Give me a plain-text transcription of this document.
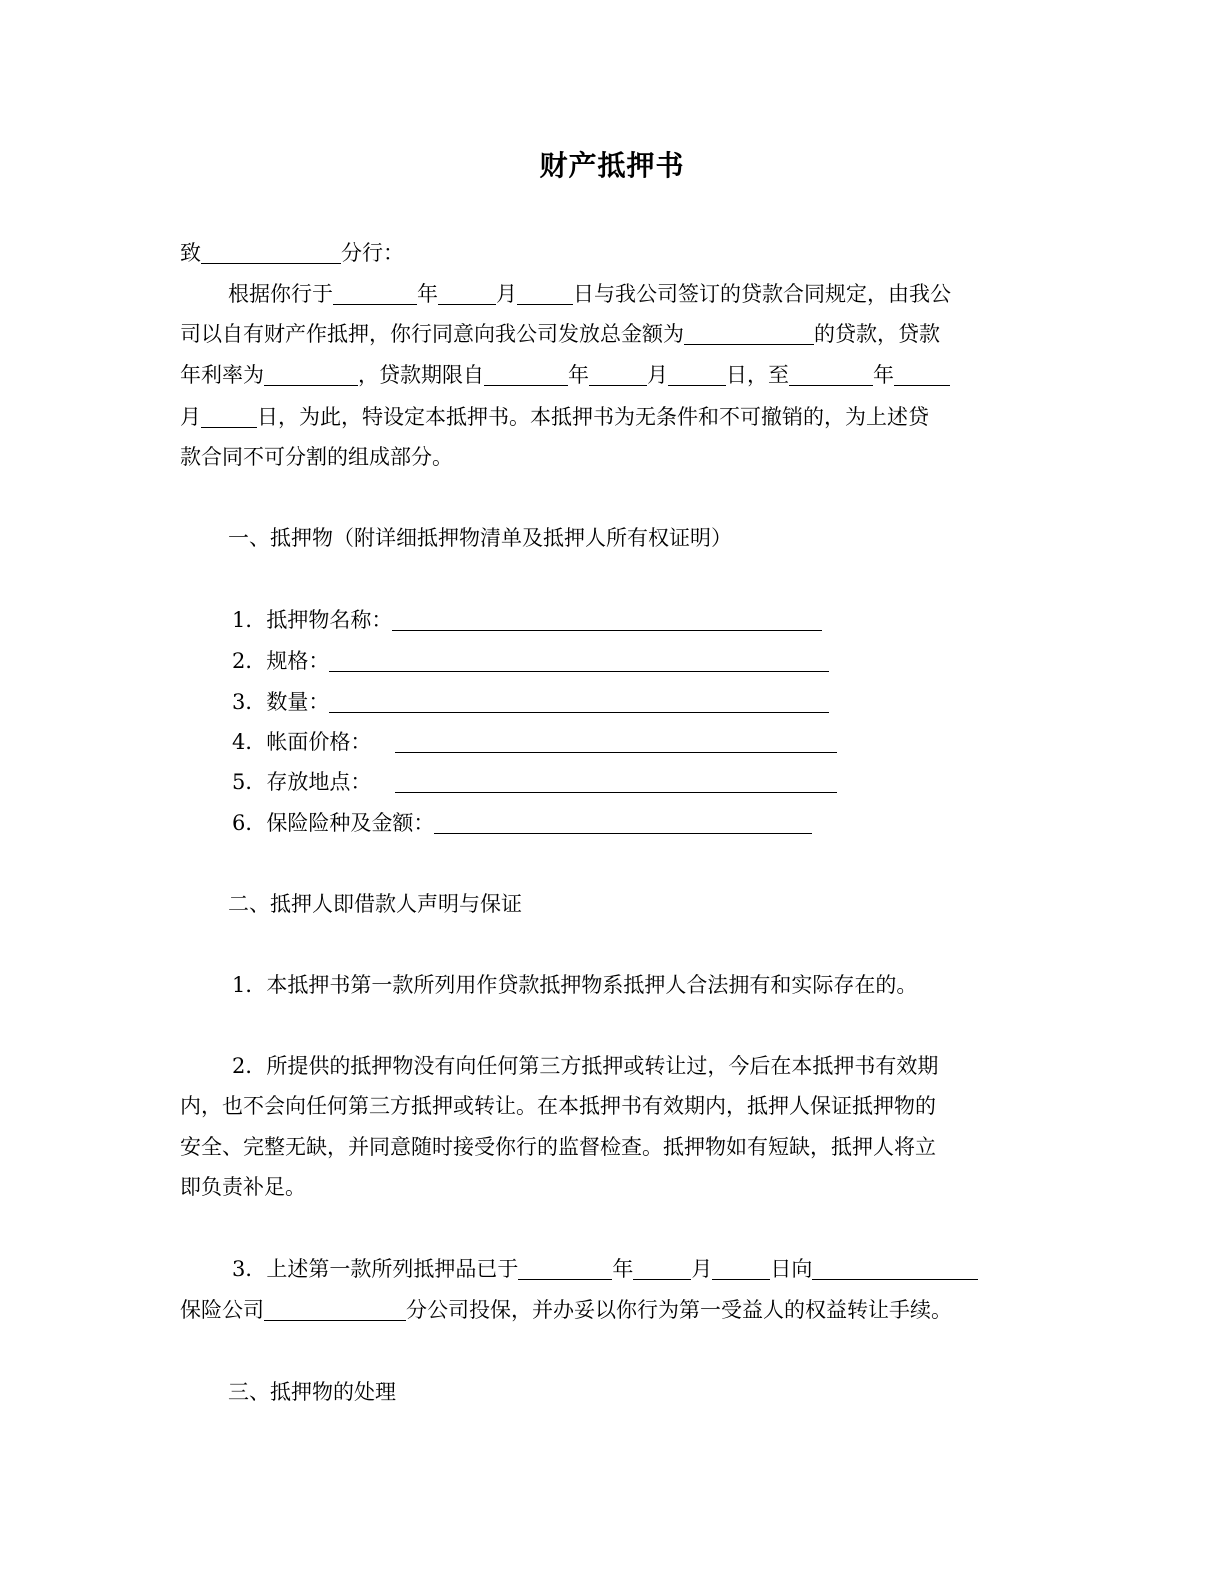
财产抵押书
致	分行：
根据你行于	年	月	日与我公司签订的贷款合同规定，由我公
司以自有财产作抵押，你行同意向我公司发放总金额为	的贷款，贷款
年利率为	，贷款期限自	年	月	日，至	年
月	日，为此，特设定本抵押书。本抵押书为无条件和不可撤销的，为上述贷
款合同不可分割的组成部分。
一、抵押物（附详细抵押物清单及抵押人所有权证明）
1．抵押物名称：
2．规格：
3．数量：
4．帐面价格：
5．存放地点：
6．保险险种及金额：
二、抵押人即借款人声明与保证
1．本抵押书第一款所列用作贷款抵押物系抵押人合法拥有和实际存在的。
2．所提供的抵押物没有向任何第三方抵押或转让过，今后在本抵押书有效期
内，也不会向任何第三方抵押或转让。在本抵押书有效期内，抵押人保证抵押物的
安全、完整无缺，并同意随时接受你行的监督检查。抵押物如有短缺，抵押人将立
即负责补足。
3．上述第一款所列抵押品已于	年	月	日向
保险公司	分公司投保，并办妥以你行为第一受益人的权益转让手续。
三、抵押物的处理
